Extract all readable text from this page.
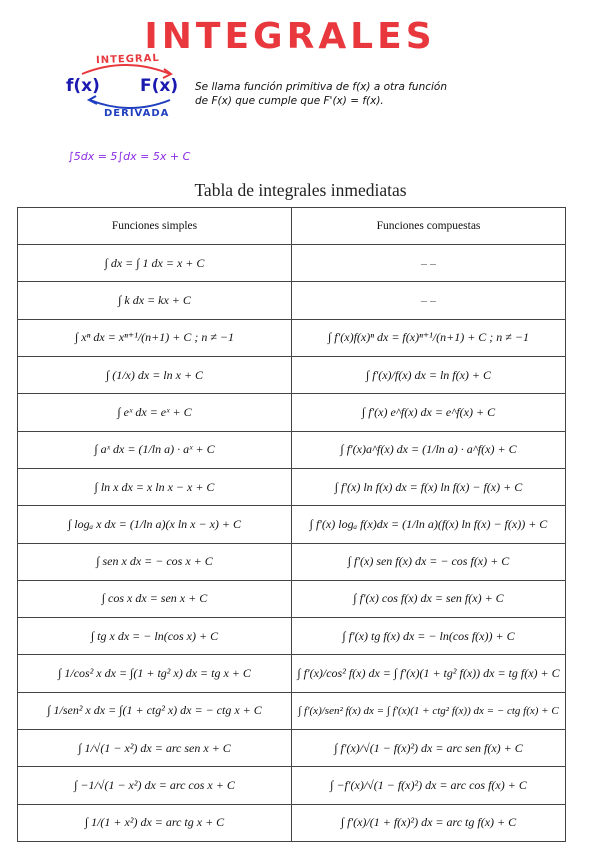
INTEGRALES
INTEGRAL
f(x) F(x)
DERIVADA
Se llama función primitiva de f(x) a otra función
de F(x) que cumple que F'(x) = f(x).
∫5dx = 5∫dx = 5x + C
Tabla de integrales inmediatas
Funciones simples	Funciones compuestas
∫ dx = ∫ 1 dx = x + C	– –
∫ k dx = kx + C	– –
∫ xⁿ dx = xⁿ⁺¹/(n+1) + C ; n ≠ −1	∫ f′(x)f(x)ⁿ dx = f(x)ⁿ⁺¹/(n+1) + C ; n ≠ −1
∫ (1/x) dx = ln x + C	∫ f′(x)/f(x) dx = ln f(x) + C
∫ eˣ dx = eˣ + C	∫ f′(x) e^f(x) dx = e^f(x) + C
∫ aˣ dx = (1/ln a) · aˣ + C	∫ f′(x)a^f(x) dx = (1/ln a) · a^f(x) + C
∫ ln x dx = x ln x − x + C	∫ f′(x) ln f(x) dx = f(x) ln f(x) − f(x) + C
∫ logₐ x dx = (1/ln a)(x ln x − x) + C	∫ f′(x) logₐ f(x)dx = (1/ln a)(f(x) ln f(x) − f(x)) + C
∫ sen x dx = − cos x + C	∫ f′(x) sen f(x) dx = − cos f(x) + C
∫ cos x dx = sen x + C	∫ f′(x) cos f(x) dx = sen f(x) + C
∫ tg x dx = − ln(cos x) + C	∫ f′(x) tg f(x) dx = − ln(cos f(x)) + C
∫ 1/cos² x dx = ∫(1 + tg² x) dx = tg x + C	∫ f′(x)/cos² f(x) dx = ∫ f′(x)(1 + tg² f(x)) dx = tg f(x) + C
∫ 1/sen² x dx = ∫(1 + ctg² x) dx = − ctg x + C	∫ f′(x)/sen² f(x) dx = ∫ f′(x)(1 + ctg² f(x)) dx = − ctg f(x) + C
∫ 1/√(1 − x²) dx = arc sen x + C	∫ f′(x)/√(1 − f(x)²) dx = arc sen f(x) + C
∫ −1/√(1 − x²) dx = arc cos x + C	∫ −f′(x)/√(1 − f(x)²) dx = arc cos f(x) + C
∫ 1/(1 + x²) dx = arc tg x + C	∫ f′(x)/(1 + f(x)²) dx = arc tg f(x) + C
